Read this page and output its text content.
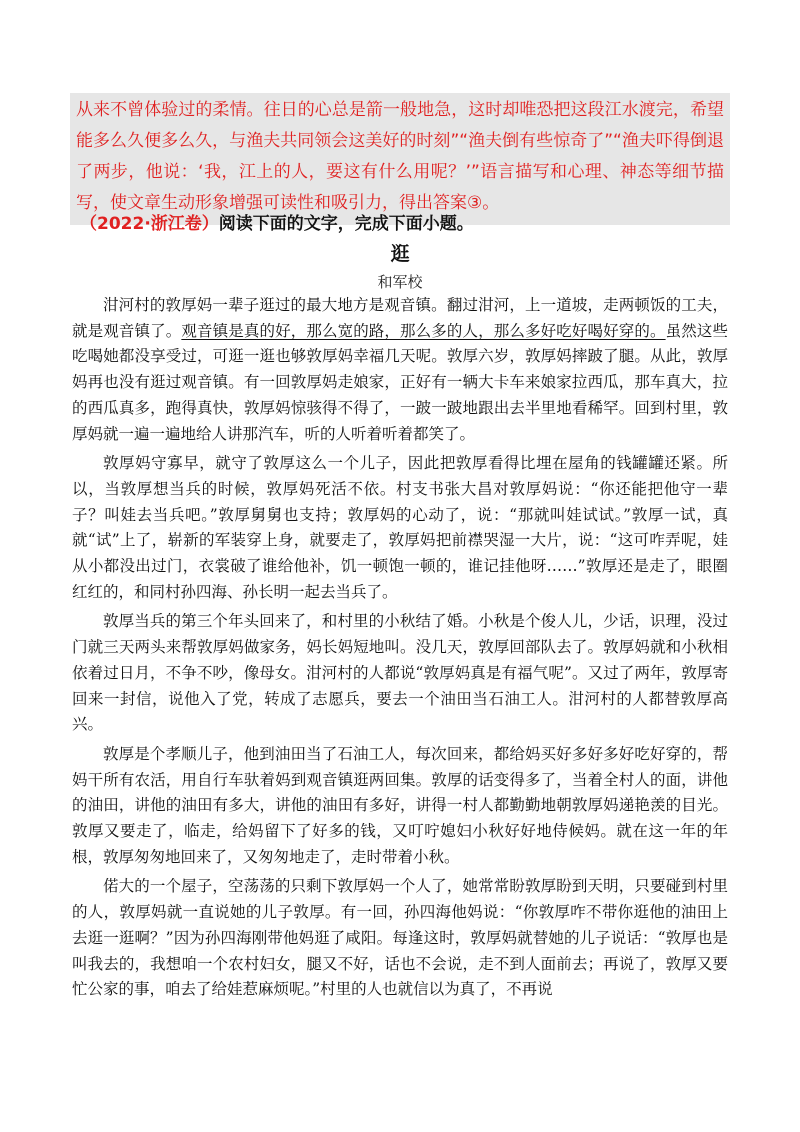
从来不曾体验过的柔情。往日的心总是箭一般地急，这时却唯恐把这段江水渡完，希望能多么久便多么久，与渔夫共同领会这美好的时刻”“渔夫倒有些惊奇了”“渔夫吓得倒退了两步，他说：‘我，江上的人，要这有什么用呢？’”语言描写和心理、神态等细节描写，使文章生动形象增强可读性和吸引力，得出答案③。

（2022·浙江卷）阅读下面的文字，完成下面小题。
逛
和军校

泔河村的敦厚妈一辈子逛过的最大地方是观音镇。翻过泔河，上一道坡，走两顿饭的工夫，就是观音镇了。观音镇是真的好，那么宽的路，那么多的人，那么多好吃好喝好穿的。虽然这些吃喝她都没享受过，可逛一逛也够敦厚妈幸福几天呢。敦厚六岁，敦厚妈摔跛了腿。从此，敦厚妈再也没有逛过观音镇。有一回敦厚妈走娘家，正好有一辆大卡车来娘家拉西瓜，那车真大，拉的西瓜真多，跑得真快，敦厚妈惊骇得不得了，一跛一跛地跟出去半里地看稀罕。回到村里，敦厚妈就一遍一遍地给人讲那汽车，听的人听着听着都笑了。

敦厚妈守寡早，就守了敦厚这么一个儿子，因此把敦厚看得比埋在屋角的钱罐罐还紧。所以，当敦厚想当兵的时候，敦厚妈死活不依。村支书张大昌对敦厚妈说：“你还能把他守一辈子？叫娃去当兵吧。”敦厚舅舅也支持；敦厚妈的心动了，说：“那就叫娃试试。”敦厚一试，真就“试”上了，崭新的军装穿上身，就要走了，敦厚妈把前襟哭湿一大片，说：“这可咋弄呢，娃从小都没出过门，衣裳破了谁给他补，饥一顿饱一顿的，谁记挂他呀……”敦厚还是走了，眼圈红红的，和同村孙四海、孙长明一起去当兵了。

敦厚当兵的第三个年头回来了，和村里的小秋结了婚。小秋是个俊人儿，少话，识理，没过门就三天两头来帮敦厚妈做家务，妈长妈短地叫。没几天，敦厚回部队去了。敦厚妈就和小秋相依着过日月，不争不吵，像母女。泔河村的人都说“敦厚妈真是有福气呢”。又过了两年，敦厚寄回来一封信，说他入了党，转成了志愿兵，要去一个油田当石油工人。泔河村的人都替敦厚高兴。

敦厚是个孝顺儿子，他到油田当了石油工人，每次回来，都给妈买好多好多好吃好穿的，帮妈干所有农活，用自行车驮着妈到观音镇逛两回集。敦厚的话变得多了，当着全村人的面，讲他的油田，讲他的油田有多大，讲他的油田有多好，讲得一村人都勤勤地朝敦厚妈递艳羡的目光。敦厚又要走了，临走，给妈留下了好多的钱，又叮咛媳妇小秋好好地侍候妈。就在这一年的年根，敦厚匆匆地回来了，又匆匆地走了，走时带着小秋。

偌大的一个屋子，空荡荡的只剩下敦厚妈一个人了，她常常盼敦厚盼到天明，只要碰到村里的人，敦厚妈就一直说她的儿子敦厚。有一回，孙四海他妈说：“你敦厚咋不带你逛他的油田上去逛一逛啊？”因为孙四海刚带他妈逛了咸阳。每逢这时，敦厚妈就替她的儿子说话：“敦厚也是叫我去的，我想咱一个农村妇女，腿又不好，话也不会说，走不到人面前去；再说了，敦厚又要忙公家的事，咱去了给娃惹麻烦呢。”村里的人也就信以为真了，不再说
